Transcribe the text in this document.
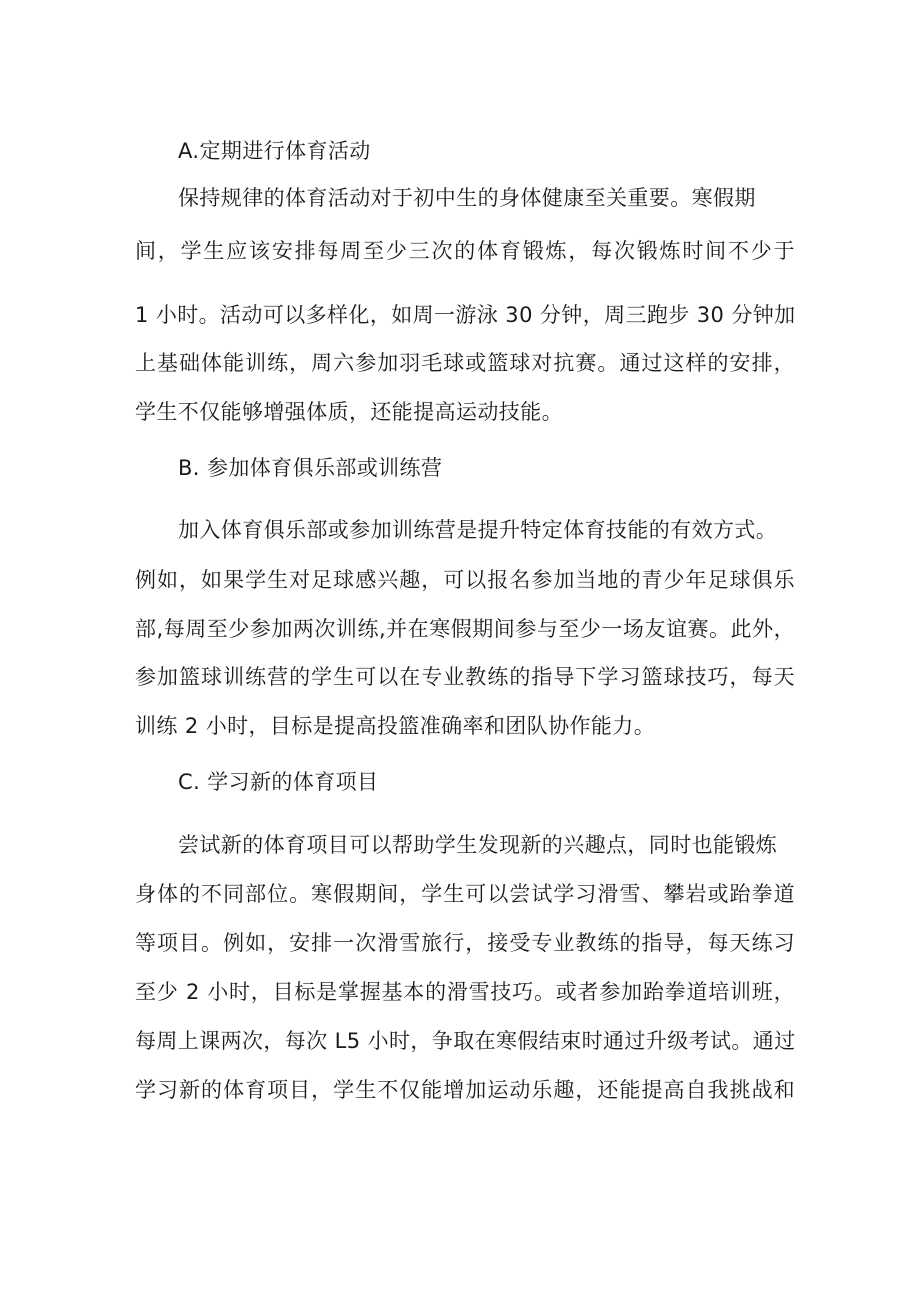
A.定期进行体育活动
保持规律的体育活动对于初中生的身体健康至关重要。寒假期
间，学生应该安排每周至少三次的体育锻炼，每次锻炼时间不少于
1 小时。活动可以多样化，如周一游泳 30 分钟，周三跑步 30 分钟加
上基础体能训练，周六参加羽毛球或篮球对抗赛。通过这样的安排，
学生不仅能够增强体质，还能提高运动技能。
B. 参加体育俱乐部或训练营
加入体育俱乐部或参加训练营是提升特定体育技能的有效方式。
例如，如果学生对足球感兴趣，可以报名参加当地的青少年足球俱乐
部,每周至少参加两次训练,并在寒假期间参与至少一场友谊赛。此外，
参加篮球训练营的学生可以在专业教练的指导下学习篮球技巧，每天
训练 2 小时，目标是提高投篮准确率和团队协作能力。
C. 学习新的体育项目
尝试新的体育项目可以帮助学生发现新的兴趣点，同时也能锻炼
身体的不同部位。寒假期间，学生可以尝试学习滑雪、攀岩或跆拳道
等项目。例如，安排一次滑雪旅行，接受专业教练的指导，每天练习
至少 2 小时，目标是掌握基本的滑雪技巧。或者参加跆拳道培训班，
每周上课两次，每次 L5 小时，争取在寒假结束时通过升级考试。通过
学习新的体育项目，学生不仅能增加运动乐趣，还能提高自我挑战和
